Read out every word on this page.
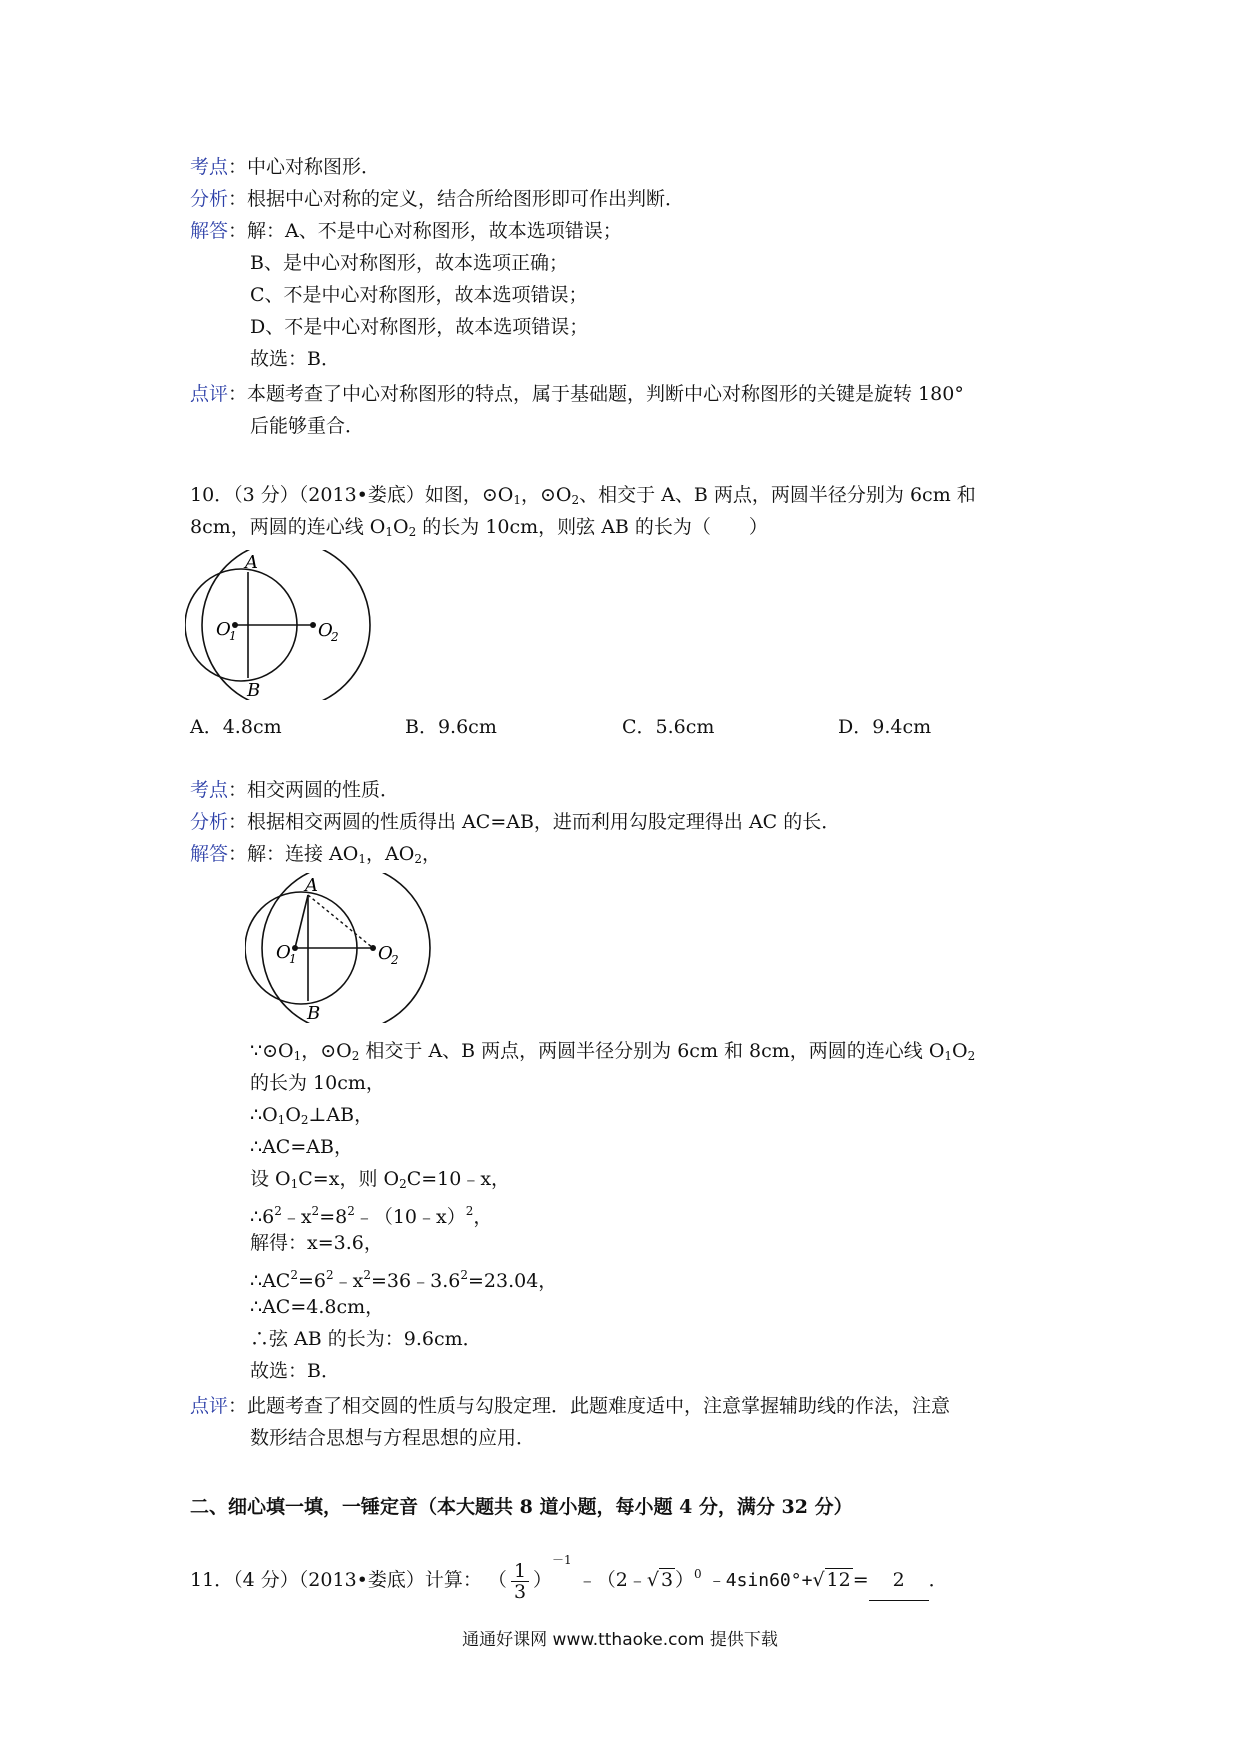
考点：中心对称图形．
分析：根据中心对称的定义，结合所给图形即可作出判断．
解答：解：A、不是中心对称图形，故本选项错误；
B、是中心对称图形，故本选项正确；
C、不是中心对称图形，故本选项错误；
D、不是中心对称图形，故本选项错误；
故选：B．
点评：本题考查了中心对称图形的特点，属于基础题，判断中心对称图形的关键是旋转 180°
后能够重合．
10．（3 分）（2013•娄底）如图，$⊙O_1$，$⊙O_2$、相交于 A、B 两点，两圆半径分别为 6cm 和
8cm，两圆的连心线 $O_1O_2$ 的长为 10cm，则弦 AB 的长为（　　）
A
B
O
1	O
2
A．4.8cm	B．9.6cm	C．5.6cm	D．9.4cm
考点：相交两圆的性质．
分析：根据相交两圆的性质得出 AC=AB，进而利用勾股定理得出 AC 的长．
解答：解：连接 $AO_1$，$AO_2$，
A
B
O
1	O
2
$\because⊙O_1$，$⊙O_2$ 相交于 A、B 两点，两圆半径分别为 6cm 和 8cm，两圆的连心线 $O_1O_2$
的长为 10cm，
$\therefore O_1O_2\perp AB$，
∴AC=AB，
设 $O_1C=x$，则 $O_2C=10﹣x$，
$\therefore 6^2﹣x^2=8^2﹣(10﹣x)^2$，
解得：x=3.6，
$\therefore AC^2=6^2﹣x^2=36﹣3.6^2=23.04$，
∴AC=4.8cm，
∴弦 AB 的长为：9.6cm．
故选：B．
点评：此题考查了相交圆的性质与勾股定理．此题难度适中，注意掌握辅助线的作法，注意
数形结合思想与方程思想的应用．
二、细心填一填，一锤定音（本大题共 8 道小题，每小题 4 分，满分 32 分）
11．（4 分）（2013•娄底）计算： （ $\frac{1}{3} )^{-1}$ ﹣（2﹣√ 3 ）$^0$ ﹣4sin60°+√ 12 = 2 ．
通通好课网 www.tthaoke.com 提供下载
